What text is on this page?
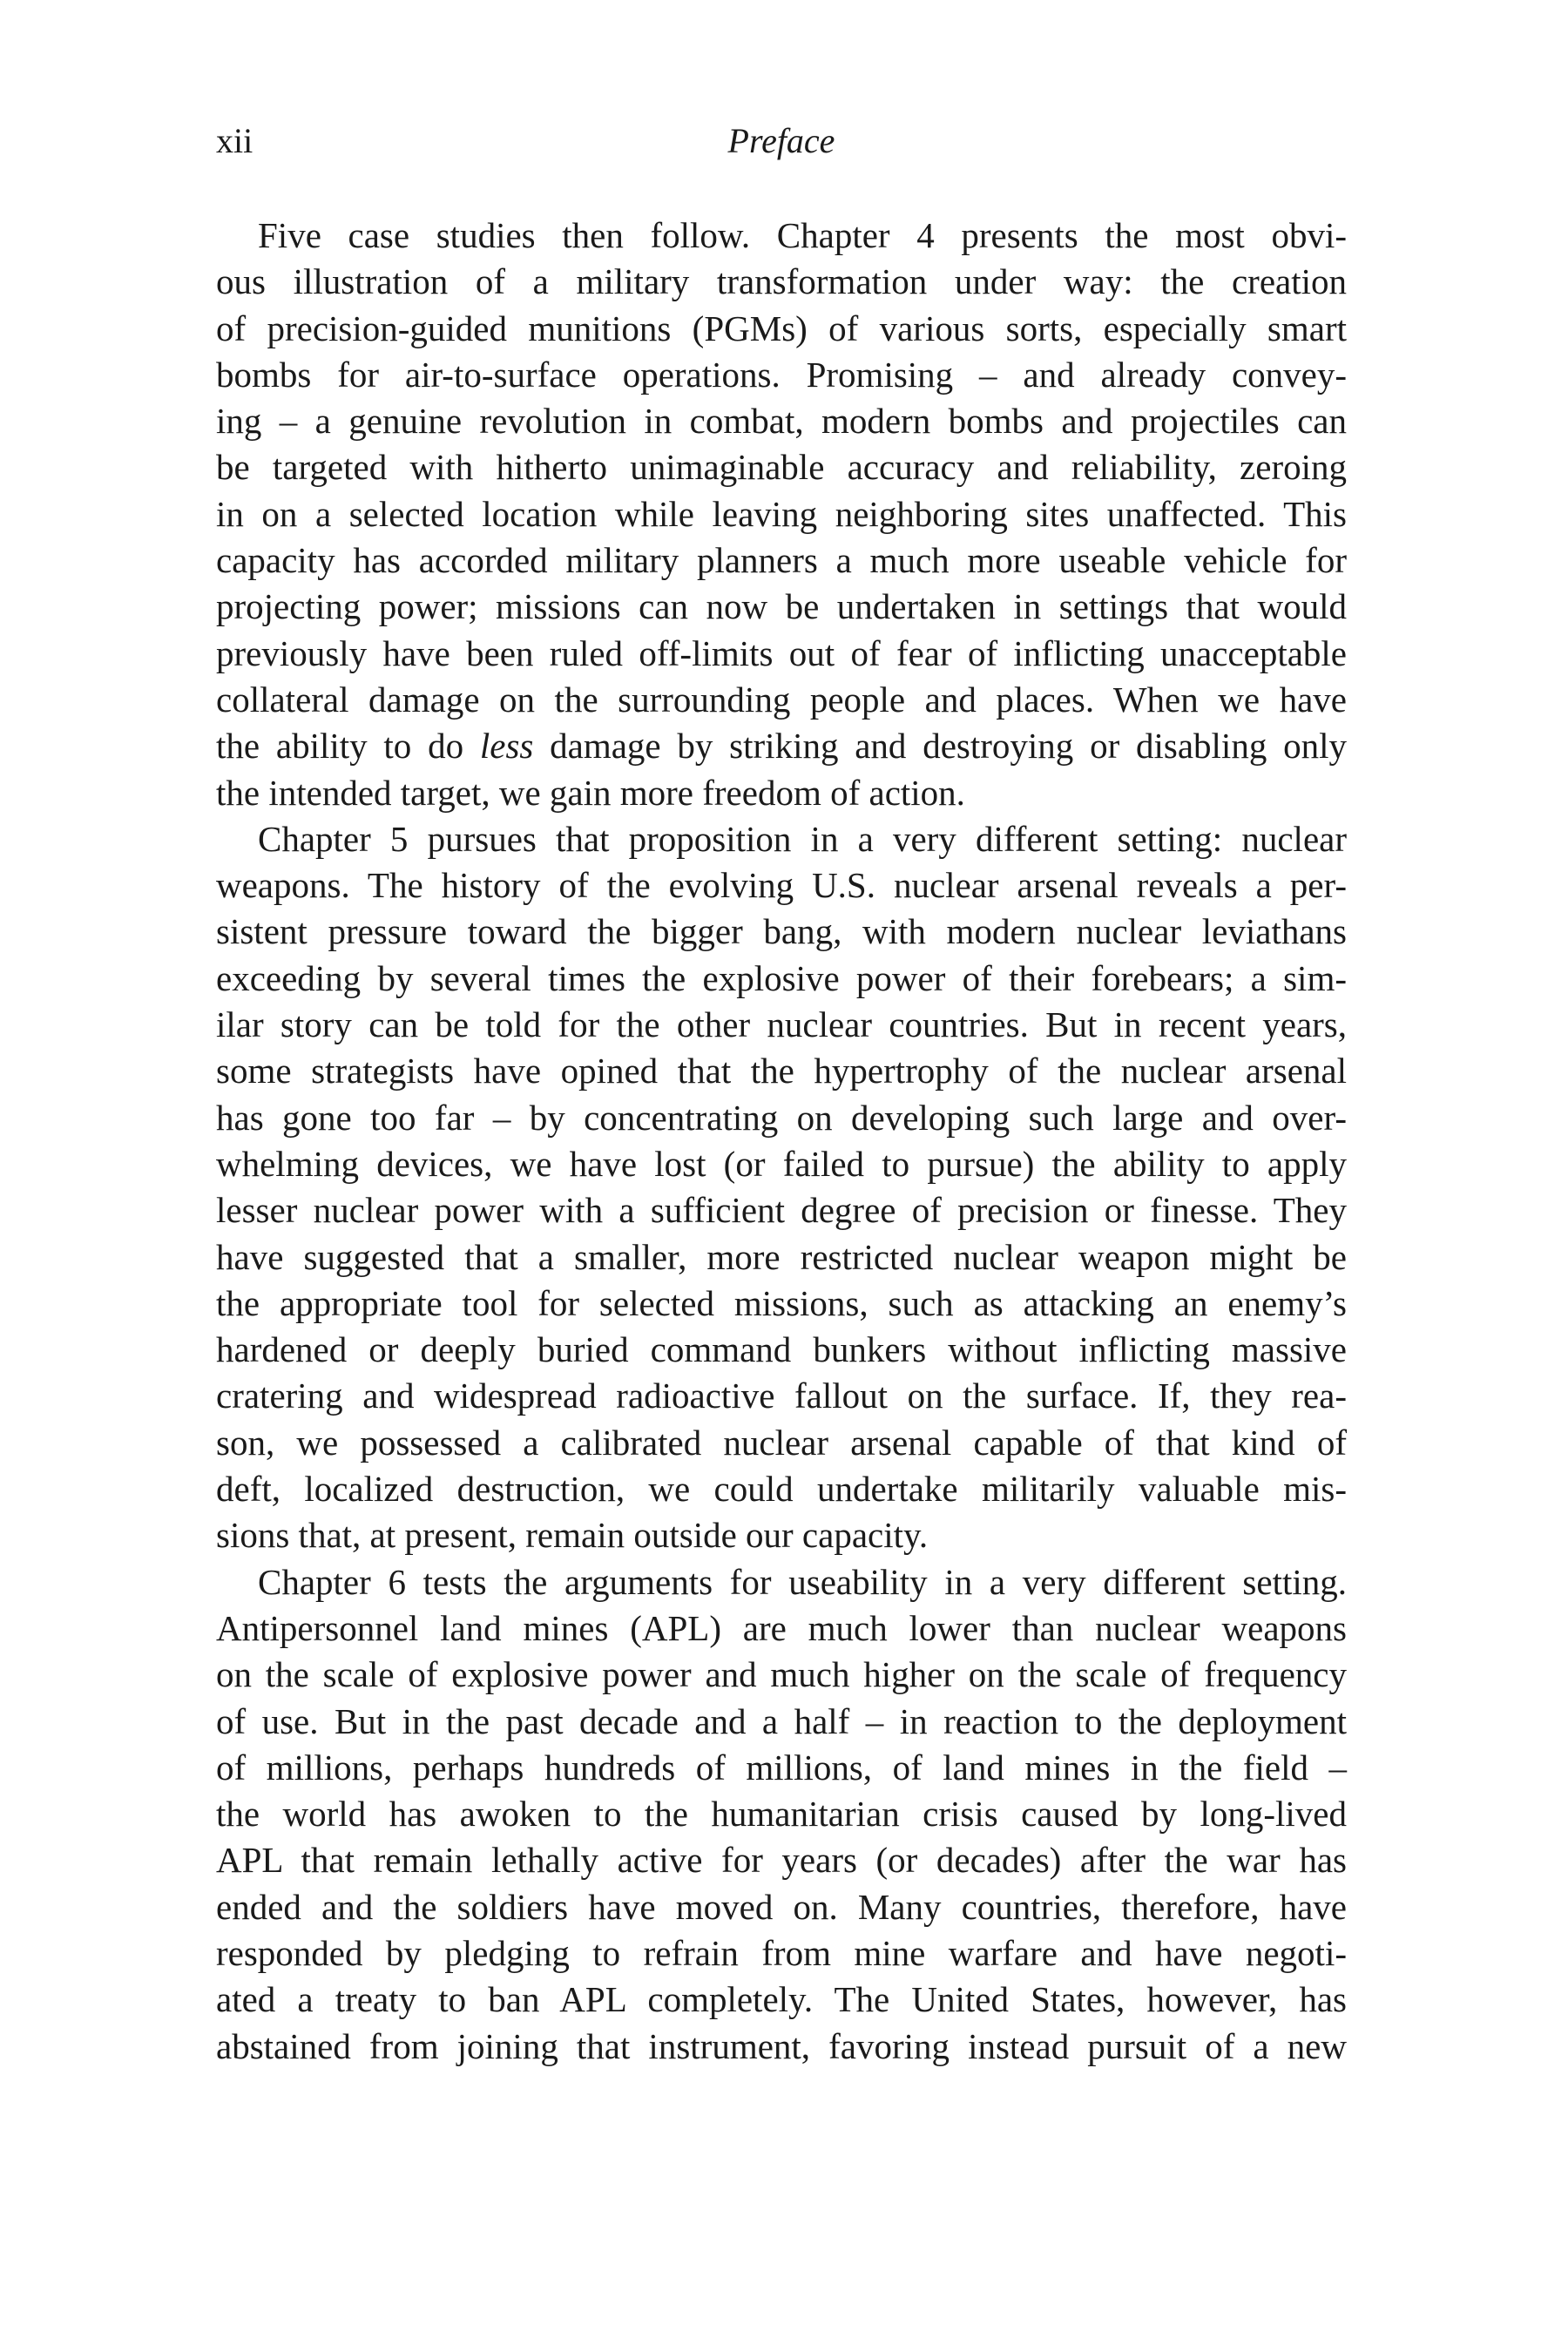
xii	Preface
Five case studies then follow. Chapter 4 presents the most obvi-
ous illustration of a military transformation under way: the creation
of precision-guided munitions (PGMs) of various sorts, especially smart
bombs for air-to-surface operations. Promising – and already convey-
ing – a genuine revolution in combat, modern bombs and projectiles can
be targeted with hitherto unimaginable accuracy and reliability, zeroing
in on a selected location while leaving neighboring sites unaffected. This
capacity has accorded military planners a much more useable vehicle for
projecting power; missions can now be undertaken in settings that would
previously have been ruled off-limits out of fear of inflicting unacceptable
collateral damage on the surrounding people and places. When we have
the ability to do less damage by striking and destroying or disabling only
the intended target, we gain more freedom of action.
Chapter 5 pursues that proposition in a very different setting: nuclear
weapons. The history of the evolving U.S. nuclear arsenal reveals a per-
sistent pressure toward the bigger bang, with modern nuclear leviathans
exceeding by several times the explosive power of their forebears; a sim-
ilar story can be told for the other nuclear countries. But in recent years,
some strategists have opined that the hypertrophy of the nuclear arsenal
has gone too far – by concentrating on developing such large and over-
whelming devices, we have lost (or failed to pursue) the ability to apply
lesser nuclear power with a sufficient degree of precision or finesse. They
have suggested that a smaller, more restricted nuclear weapon might be
the appropriate tool for selected missions, such as attacking an enemy’s
hardened or deeply buried command bunkers without inflicting massive
cratering and widespread radioactive fallout on the surface. If, they rea-
son, we possessed a calibrated nuclear arsenal capable of that kind of
deft, localized destruction, we could undertake militarily valuable mis-
sions that, at present, remain outside our capacity.
Chapter 6 tests the arguments for useability in a very different setting.
Antipersonnel land mines (APL) are much lower than nuclear weapons
on the scale of explosive power and much higher on the scale of frequency
of use. But in the past decade and a half – in reaction to the deployment
of millions, perhaps hundreds of millions, of land mines in the field –
the world has awoken to the humanitarian crisis caused by long-lived
APL that remain lethally active for years (or decades) after the war has
ended and the soldiers have moved on. Many countries, therefore, have
responded by pledging to refrain from mine warfare and have negoti-
ated a treaty to ban APL completely. The United States, however, has
abstained from joining that instrument, favoring instead pursuit of a new
